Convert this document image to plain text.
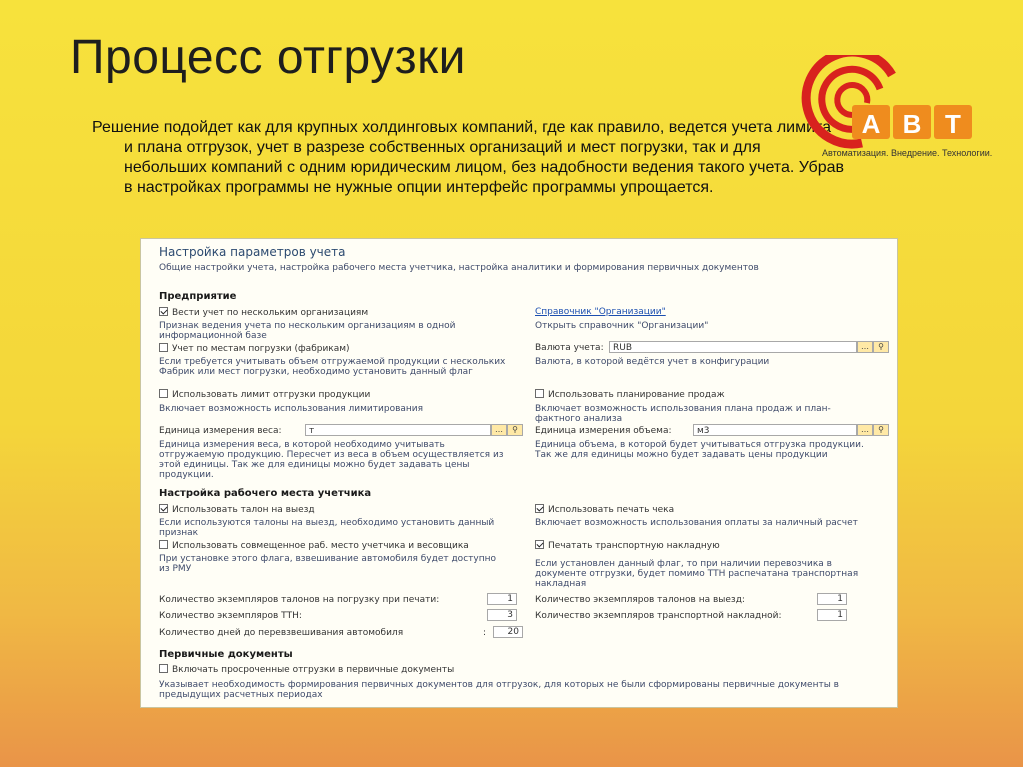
Процесс отгрузки
Решение подойдет как для крупных холдинговых компаний, где как правило, ведется учета лимита и плана отгрузок, учет в разрезе собственных организаций и мест погрузки, так и для небольших компаний с одним юридическим лицом, без надобности ведения такого учета. Убрав в настройках программы не нужные опции интерфейс программы упрощается.
А В Т
Автоматизация. Внедрение. Технологии.
Настройка параметров учета
Общие настройки учета, настройка рабочего места учетчика, настройка аналитики и формирования первичных документов
Предприятие
Вести учет по нескольким организациям	Справочник "Организации"
Признак ведения учета по нескольким организациям в одной информационной базе
Открыть справочник "Организации"
Учет по местам погрузки (фабрикам)	Валюта учета:	RUB	…	⚲
Если требуется учитывать объем отгружаемой продукции с нескольких Фабрик или мест погрузки, необходимо установить данный флаг
Валюта, в которой ведётся учет в конфигурации
Использовать лимит отгрузки продукции	Использовать планирование продаж
Включает возможность использования лимитирования	Включает возможность использования плана продаж и план-фактного анализа
Единица измерения веса:	т	…	⚲	Единица измерения объема:	м3	…	⚲
Единица измерения веса, в которой необходимо учитывать отгружаемую продукцию. Пересчет из веса в объем осуществляется из этой единицы. Так же для единицы можно будет задавать цены продукции.
Единица объема, в которой будет учитываться отгрузка продукции. Так же для единицы можно будет задавать цены продукции
Настройка рабочего места учетчика
Использовать талон на выезд	Использовать печать чека
Если используются талоны на выезд, необходимо установить данный признак
Включает возможность использования оплаты за наличный расчет
Использовать совмещенное раб. место учетчика и весовщика	Печатать транспортную накладную
При установке этого флага, взвешивание автомобиля будет доступно из РМУ	Если установлен данный флаг, то при наличии перевозчика в документе отгрузки, будет помимо ТТН распечатана транспортная накладная
Количество экземпляров талонов на погрузку при печати:	1	Количество экземпляров талонов на выезд:	1
Количество экземпляров ТТН:	3	Количество экземпляров транспортной накладной:	1
Количество дней до перевзвешивания автомобиля	:	20
Первичные документы
Включать просроченные отгрузки в первичные документы
Указывает необходимость формирования первичных документов для отгрузок, для которых не были сформированы первичные документы в предыдущих расчетных периодах
